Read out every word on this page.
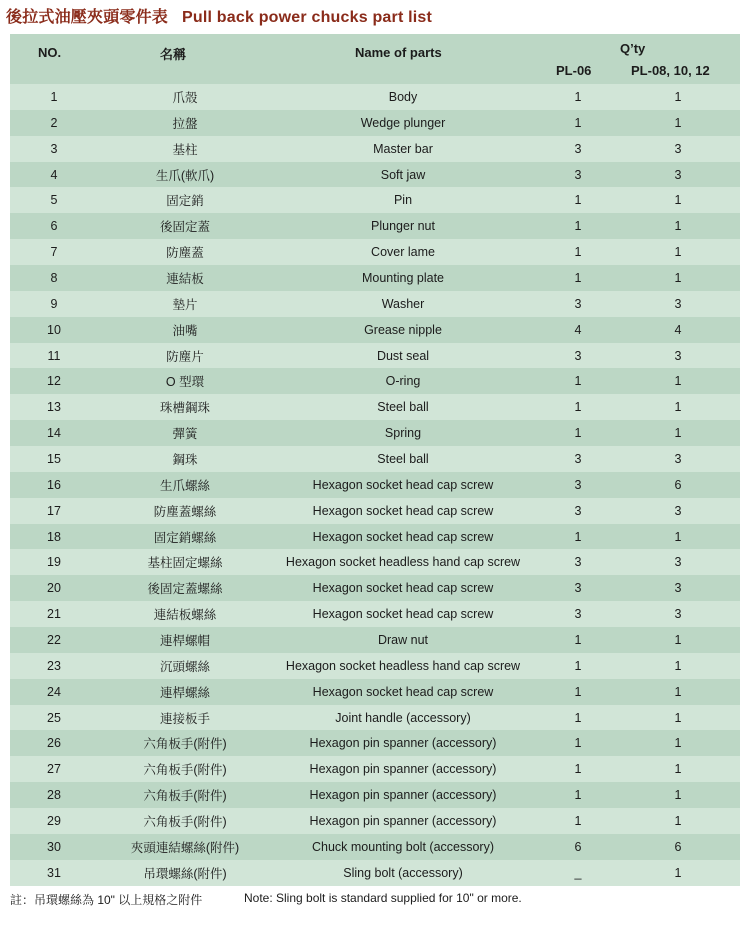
後拉式油壓夾頭零件表 Pull back power chucks part list
NO.	名稱	Name of parts	Q’ty
PL-06	PL-08, 10, 12
1	爪殼	Body	1	1
2	拉盤	Wedge plunger	1	1
3	基柱	Master bar	3	3
4	生爪(軟爪)	Soft jaw	3	3
5	固定銷	Pin	1	1
6	後固定蓋	Plunger nut	1	1
7	防塵蓋	Cover lame	1	1
8	連結板	Mounting plate	1	1
9	墊片	Washer	3	3
10	油嘴	Grease nipple	4	4
11	防塵片	Dust seal	3	3
12	O 型環	O-ring	1	1
13	珠槽鋼珠	Steel ball	1	1
14	彈簧	Spring	1	1
15	鋼珠	Steel ball	3	3
16	生爪螺絲	Hexagon socket head cap screw	3	6
17	防塵蓋螺絲	Hexagon socket head cap screw	3	3
18	固定銷螺絲	Hexagon socket head cap screw	1	1
19	基柱固定螺絲	Hexagon socket headless hand cap screw	3	3
20	後固定蓋螺絲	Hexagon socket head cap screw	3	3
21	連結板螺絲	Hexagon socket head cap screw	3	3
22	連桿螺帽	Draw nut	1	1
23	沉頭螺絲	Hexagon socket headless hand cap screw	1	1
24	連桿螺絲	Hexagon socket head cap screw	1	1
25	連接板手	Joint handle (accessory)	1	1
26	六角板手(附件)	Hexagon pin spanner (accessory)	1	1
27	六角板手(附件)	Hexagon pin spanner (accessory)	1	1
28	六角板手(附件)	Hexagon pin spanner (accessory)	1	1
29	六角板手(附件)	Hexagon pin spanner (accessory)	1	1
30	夾頭連結螺絲(附件)	Chuck mounting bolt (accessory)	6	6
31	吊環螺絲(附件)	Sling bolt (accessory)	_	1
註：吊環螺絲為 10" 以上規格之附件	Note: Sling bolt is standard supplied for 10" or more.
